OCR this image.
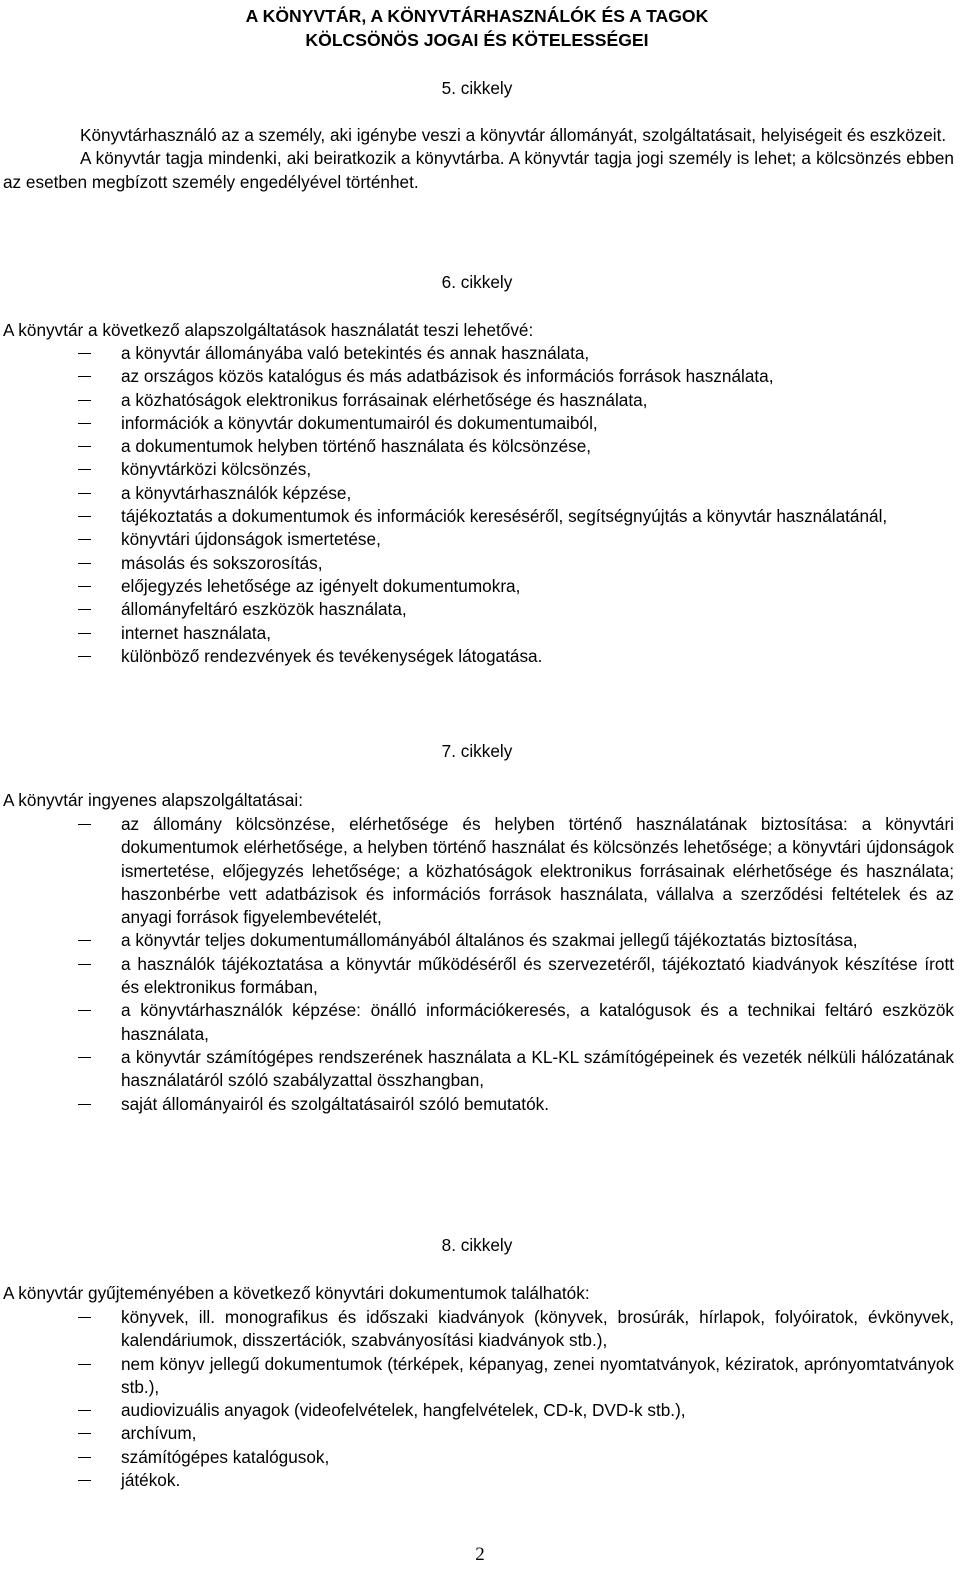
A KÖNYVTÁR, A KÖNYVTÁRHASZNÁLÓK ÉS A TAGOK
KÖLCSÖNÖS JOGAI ÉS KÖTELESSÉGEI
5. cikkely

Könyvtárhasználó az a személy, aki igénybe veszi a könyvtár állományát, szolgáltatásait, helyiségeit és eszközeit.

A könyvtár tagja mindenki, aki beiratkozik a könyvtárba. A könyvtár tagja jogi személy is lehet; a kölcsönzés ebben az esetben megbízott személy engedélyével történhet.

6. cikkely
A könyvtár a következő alapszolgáltatások használatát teszi lehetővé:
a könyvtár állományába való betekintés és annak használata,
az országos közös katalógus és más adatbázisok és információs források használata,
a közhatóságok elektronikus forrásainak elérhetősége és használata,
információk a könyvtár dokumentumairól és dokumentumaiból,
a dokumentumok helyben történő használata és kölcsönzése,
könyvtárközi kölcsönzés,
a könyvtárhasználók képzése,
tájékoztatás a dokumentumok és információk kereséséről, segítségnyújtás a könyvtár használatánál,
könyvtári újdonságok ismertetése,
másolás és sokszorosítás,
előjegyzés lehetősége az igényelt dokumentumokra,
állományfeltáró eszközök használata,
internet használata,
különböző rendezvények és tevékenységek látogatása.
7. cikkely
A könyvtár ingyenes alapszolgáltatásai:
az állomány kölcsönzése, elérhetősége és helyben történő használatának biztosítása: a könyvtári dokumentumok elérhetősége, a helyben történő használat és kölcsönzés lehetősége; a könyvtári újdonságok ismertetése, előjegyzés lehetősége; a közhatóságok elektronikus forrásainak elérhetősége és használata; haszonbérbe vett adatbázisok és információs források használata, vállalva a szerződési feltételek és az anyagi források figyelembevételét,
a könyvtár teljes dokumentumállományából általános és szakmai jellegű tájékoztatás biztosítása,
a használók tájékoztatása a könyvtár működéséről és szervezetéről, tájékoztató kiadványok készítése írott és elektronikus formában,
a könyvtárhasználók képzése: önálló információkeresés, a katalógusok és a technikai feltáró eszközök használata,
a könyvtár számítógépes rendszerének használata a KL-KL számítógépeinek és vezeték nélküli hálózatának használatáról szóló szabályzattal összhangban,
saját állományairól és szolgáltatásairól szóló bemutatók.
8. cikkely
A könyvtár gyűjteményében a következő könyvtári dokumentumok találhatók:
könyvek, ill. monografikus és időszaki kiadványok (könyvek, brosúrák, hírlapok, folyóiratok, évkönyvek, kalendáriumok, disszertációk, szabványosítási kiadványok stb.),
nem könyv jellegű dokumentumok (térképek, képanyag, zenei nyomtatványok, kéziratok, aprónyomtatványok stb.),
audiovizuális anyagok (videofelvételek, hangfelvételek, CD-k, DVD-k stb.),
archívum,
számítógépes katalógusok,
játékok.
2
